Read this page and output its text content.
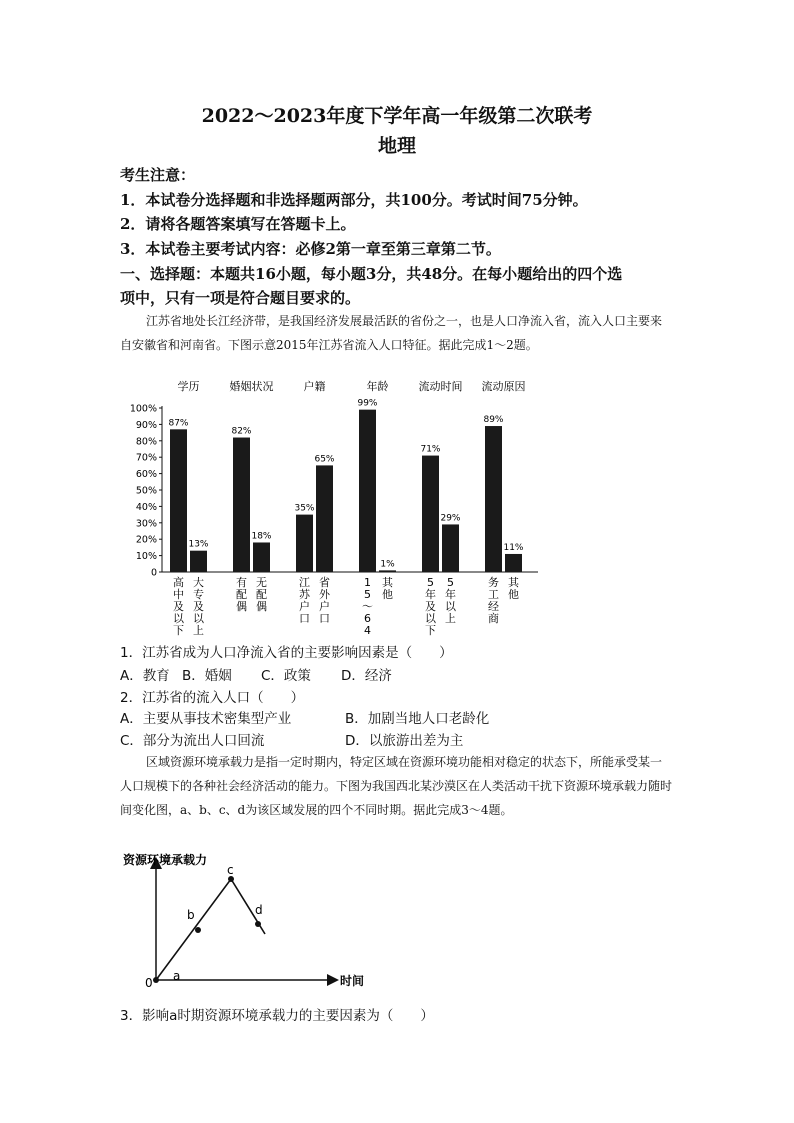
2022～2023年度下学年高一年级第二次联考
地理
考生注意：
1．本试卷分选择题和非选择题两部分，共100分。考试时间75分钟。
2．请将各题答案填写在答题卡上。
3．本试卷主要考试内容：必修2第一章至第三章第二节。
一、选择题：本题共16小题，每小题3分，共48分。在每小题给出的四个选
项中，只有一项是符合题目要求的。
江苏省地处长江经济带，是我国经济发展最活跃的省份之一，也是人口净流入省，流入人口主要来自安徽省和河南省。下图示意2015年江苏省流入人口特征。据此完成1～2题。
0
10%
20%
30%
40%
50%
60%
70%
80%
90%
100%
87%
高
中
及
以
下
13%
大
专
及
以
上
82%
有
配
偶
18%
无
配
偶
35%
江
苏
户
口
65%
省
外
户
口
99%
1
5
〜
6
4
1%
其
他
71%
5
年
及
以
下
29%
5
年
以
上
89%
务
工
经
商
11%
其
他
学历	婚姻状况	户籍	年龄	流动时间 流动原因
1．江苏省成为人口净流入省的主要影响因素是（　　）
A．教育 B．婚姻 C．政策 D．经济
2．江苏省的流入人口（　　）
A．主要从事技术密集型产业	B．加剧当地人口老龄化
C．部分为流出人口回流	D．以旅游出差为主
区域资源环境承载力是指一定时期内，特定区域在资源环境功能相对稳定的状态下，所能承受某一人口规模下的各种社会经济活动的能力。下图为我国西北某沙漠区在人类活动干扰下资源环境承载力随时间变化图，a、b、c、d为该区域发展的四个不同时期。据此完成3～4题。
资源环境承载力
时间
0 a
b
c
d
3．影响a时期资源环境承载力的主要因素为（　　）
